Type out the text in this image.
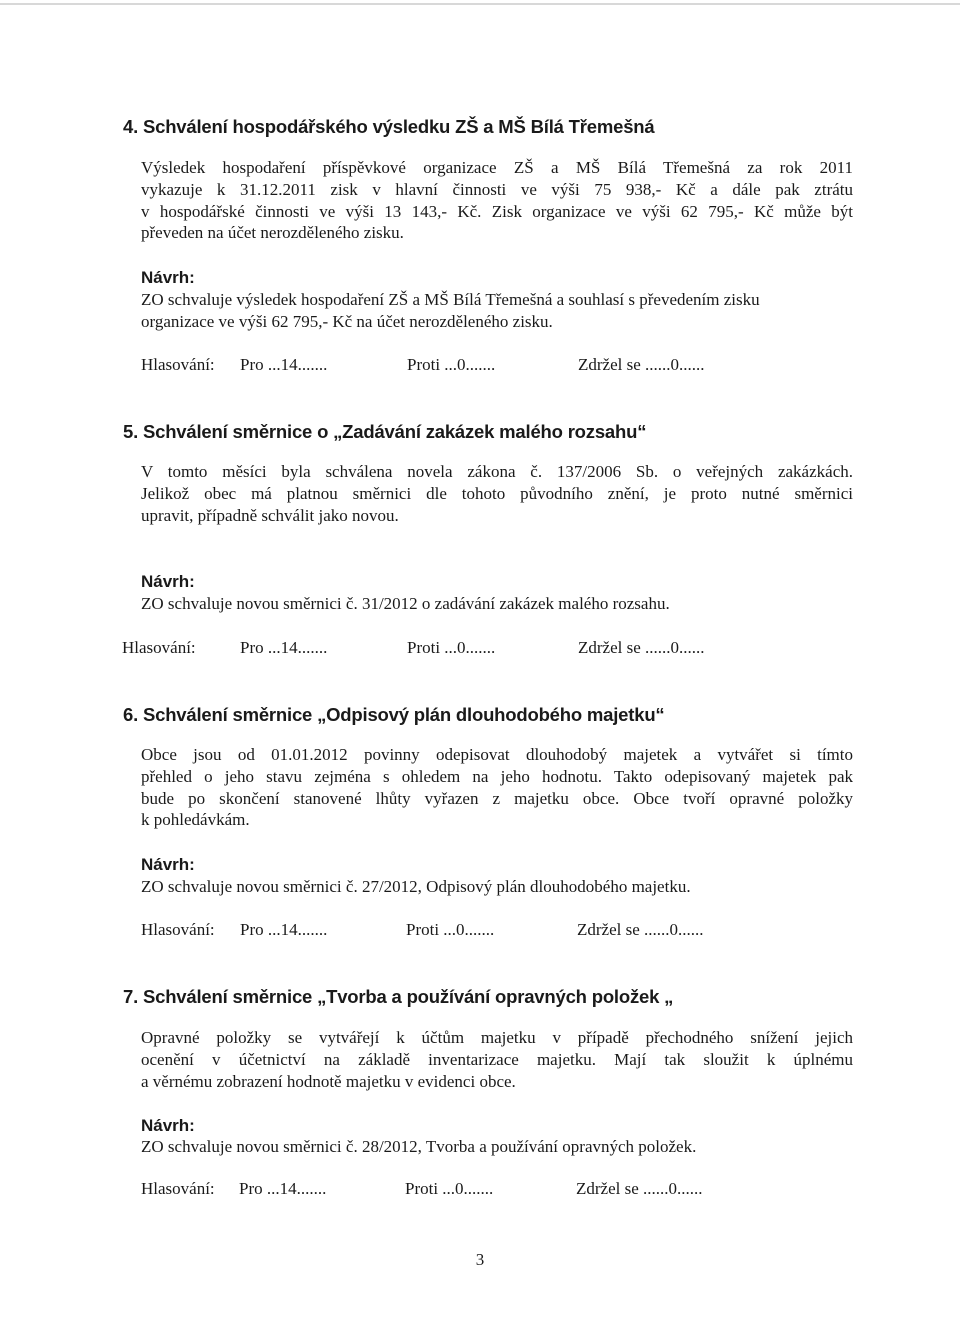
4. Schválení hospodářského výsledku ZŠ a MŠ Bílá Třemešná
Výsledek hospodaření příspěvkové organizace ZŠ a MŠ Bílá Třemešná za rok 2011
vykazuje k 31.12.2011 zisk v hlavní činnosti ve výši 75 938,- Kč a dále pak ztrátu
v hospodářské činnosti ve výši 13 143,- Kč. Zisk organizace ve výši 62 795,- Kč může být
převeden na účet nerozděleného zisku.
Návrh:
ZO schvaluje výsledek hospodaření ZŠ a MŠ Bílá Třemešná a souhlasí s převedením zisku
organizace ve výši 62 795,- Kč na účet nerozděleného zisku.
Hlasování: Pro ...14.......	Proti ...0.......	Zdržel se ......0......
5. Schválení směrnice o „Zadávání zakázek malého rozsahu“
V tomto měsíci byla schválena novela zákona č. 137/2006 Sb. o veřejných zakázkách.
Jelikož obec má platnou směrnici dle tohoto původního znění, je proto nutné směrnici
upravit, případně schválit jako novou.
Návrh:
ZO schvaluje novou směrnici č. 31/2012 o zadávání zakázek malého rozsahu.
Hlasování:	Pro ...14.......	Proti ...0.......	Zdržel se ......0......
6. Schválení směrnice „Odpisový plán dlouhodobého majetku“
Obce jsou od 01.01.2012 povinny odepisovat dlouhodobý majetek a vytvářet si tímto
přehled o jeho stavu zejména s ohledem na jeho hodnotu. Takto odepisovaný majetek pak
bude po skončení stanovené lhůty vyřazen z majetku obce. Obce tvoří opravné položky
k pohledávkám.
Návrh:
ZO schvaluje novou směrnici č. 27/2012, Odpisový plán dlouhodobého majetku.
Hlasování: Pro ...14.......	Proti ...0.......	Zdržel se ......0......
7. Schválení směrnice „Tvorba a používání opravných položek „
Opravné položky se vytvářejí k účtům majetku v případě přechodného snížení jejich
ocenění v účetnictví na základě inventarizace majetku. Mají tak sloužit k úplnému
a věrnému zobrazení hodnotě majetku v evidenci obce.
Návrh:
ZO schvaluje novou směrnici č. 28/2012, Tvorba a používání opravných položek.
Hlasování: Pro ...14.......	Proti ...0.......	Zdržel se ......0......
3
